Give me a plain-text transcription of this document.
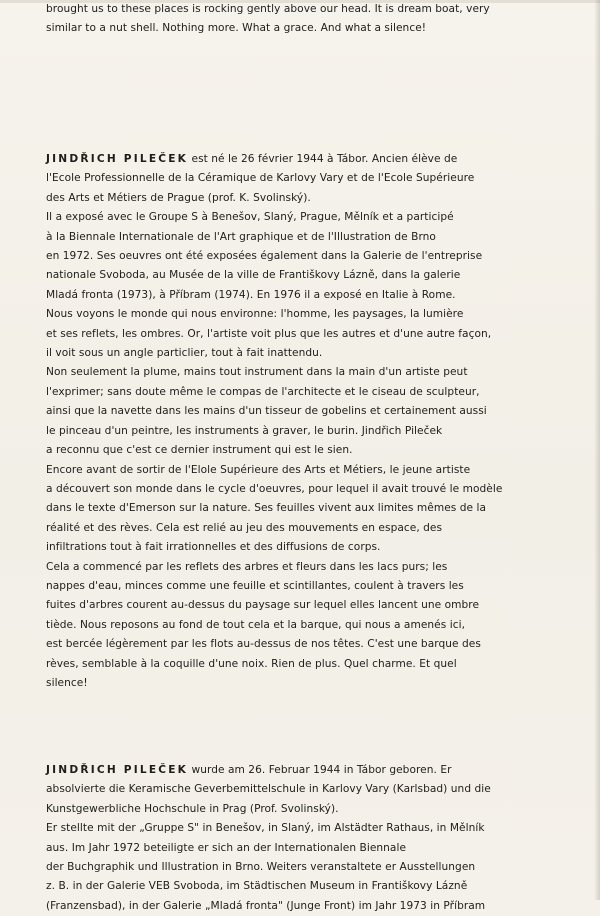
brought us to these places is rocking gently above our head. It is dream boat, very
similar to a nut shell. Nothing more. What a grace. And what a silence!
JINDŘICH PILEČEK est né le 26 février 1944 à Tábor. Ancien élève de
l'Ecole Professionnelle de la Céramique de Karlovy Vary et de l'Ecole Supérieure
des Arts et Métiers de Prague (prof. K. Svolinský).
Il a exposé avec le Groupe S à Benešov, Slaný, Prague, Mělník et a participé
à la Biennale Internationale de l'Art graphique et de l'Illustration de Brno
en 1972. Ses oeuvres ont été exposées également dans la Galerie de l'entreprise
nationale Svoboda, au Musée de la ville de Františkovy Lázně, dans la galerie
Mladá fronta (1973), à Příbram (1974). En 1976 il a exposé en Italie à Rome.
Nous voyons le monde qui nous environne: l'homme, les paysages, la lumière
et ses reflets, les ombres. Or, l'artiste voit plus que les autres et d'une autre façon,
il voit sous un angle particlier, tout à fait inattendu.
Non seulement la plume, mains tout instrument dans la main d'un artiste peut
l'exprimer; sans doute même le compas de l'architecte et le ciseau de sculpteur,
ainsi que la navette dans les mains d'un tisseur de gobelins et certainement aussi
le pinceau d'un peintre, les instruments à graver, le burin. Jindřich Pileček
a reconnu que c'est ce dernier instrument qui est le sien.
Encore avant de sortir de l'Elole Supérieure des Arts et Métiers, le jeune artiste
a découvert son monde dans le cycle d'oeuvres, pour lequel il avait trouvé le modèle
dans le texte d'Emerson sur la nature. Ses feuilles vivent aux limites mêmes de la
réalité et des rèves. Cela est relié au jeu des mouvements en espace, des
infiltrations tout à fait irrationnelles et des diffusions de corps.
Cela a commencé par les reflets des arbres et fleurs dans les lacs purs; les
nappes d'eau, minces comme une feuille et scintillantes, coulent à travers les
fuites d'arbres courent au-dessus du paysage sur lequel elles lancent une ombre
tiède. Nous reposons au fond de tout cela et la barque, qui nous a amenés ici,
est bercée légèrement par les flots au-dessus de nos têtes. C'est une barque des
rèves, semblable à la coquille d'une noix. Rien de plus. Quel charme. Et quel
silence!
JINDŘICH PILEČEK wurde am 26. Februar 1944 in Tábor geboren. Er
absolvierte die Keramische Geverbemittelschule in Karlovy Vary (Karlsbad) und die
Kunstgewerbliche Hochschule in Prag (Prof. Svolinský).
Er stellte mit der „Gruppe S" in Benešov, in Slaný, im Alstädter Rathaus, in Mělník
aus. Im Jahr 1972 beteiligte er sich an der Internationalen Biennale
der Buchgraphik und Illustration in Brno. Weiters veranstaltete er Ausstellungen
z. B. in der Galerie VEB Svoboda, im Städtischen Museum in Františkovy Lázně
(Franzensbad), in der Galerie „Mladá fronta" (Junge Front) im Jahr 1973 in Příbram
